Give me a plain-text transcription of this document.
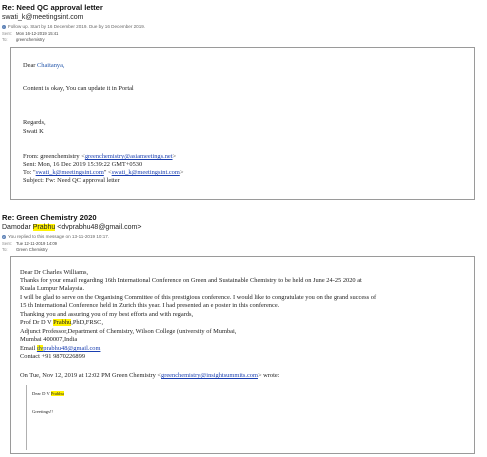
Re: Need QC approval letter
swati_k@meetingsint.com
i Follow up. Start by 16 December 2019. Due by 16 December 2019.
Sent: Mon 16-12-2019 15:41
To: greenchemistry
Dear Chaitanya,
Content is okay, You can update it in Portal
Regards,
Swati K
From: greenchemistry <greenchemistry@asiameetings.net>
Sent: Mon, 16 Dec 2019 15:39:22 GMT+0530
To: "swati_k@meetingsint.com" <swati_k@meetingsint.com>
Subject: Fw: Need QC approval letter
Re: Green Chemistry 2020
Damodar Prabhu <dvprabhu48@gmail.com>
↩ You replied to this message on 13-11-2019 10:17.
Sent: Tue 12-11-2019 14:09
To: Green Chemistry
Dear Dr Charles Williams,
Thanks for your email regarding 16th International Conference on Green and Sustainable Chemistry to be held on June 24-25 2020 at
Kuala Lumpur Malaysia.
I will be glad to serve on the Organising Committee of this prestigious conference. I would like to congratulate you on the grand success of
15 th International Conference held in Zurich this year. I had presented an e poster in this conference.
Thanking you and assuring you of my best efforts and with regards,
Prof Dr D V Prabhu,PhD,FRSC,
Adjunct Professor,Department of Chemistry, Wilson College (university of Mumbai,
Mumbai 400007,India
Email dvprabhu48@gmail.com
Contact +91 9870226899
On Tue, Nov 12, 2019 at 12:02 PM Green Chemistry <greenchemistry@insightsummits.com> wrote:
Dear D V Prabhu
Greetings!!
